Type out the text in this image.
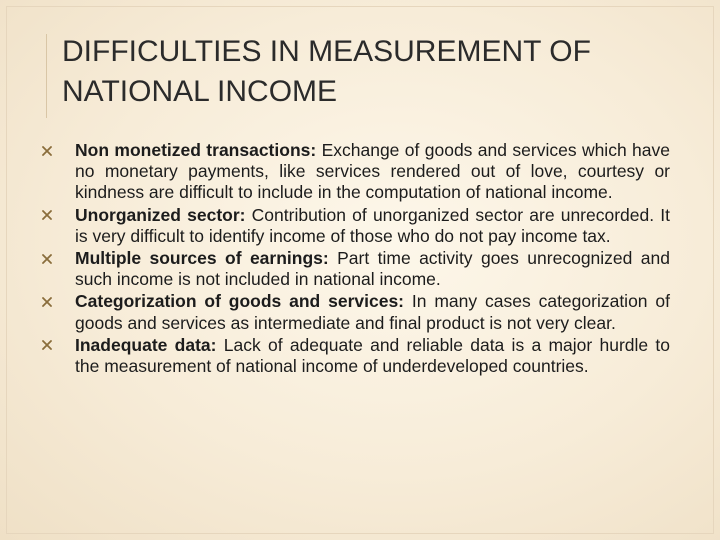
DIFFICULTIES IN MEASUREMENT OF
NATIONAL INCOME
Non monetized transactions: Exchange of goods and services which have no monetary payments, like services rendered out of love, courtesy or kindness are difficult to include in the computation of national income.
Unorganized sector: Contribution of unorganized sector are unrecorded. It is very difficult to identify income of those who do not pay income tax.
Multiple sources of earnings: Part time activity goes unrecognized and such income is not included in national income.
Categorization of goods and services: In many cases categorization of goods and services as intermediate and final product is not very clear.
Inadequate data: Lack of adequate and reliable data is a major hurdle to the measurement of national income of underdeveloped countries.
